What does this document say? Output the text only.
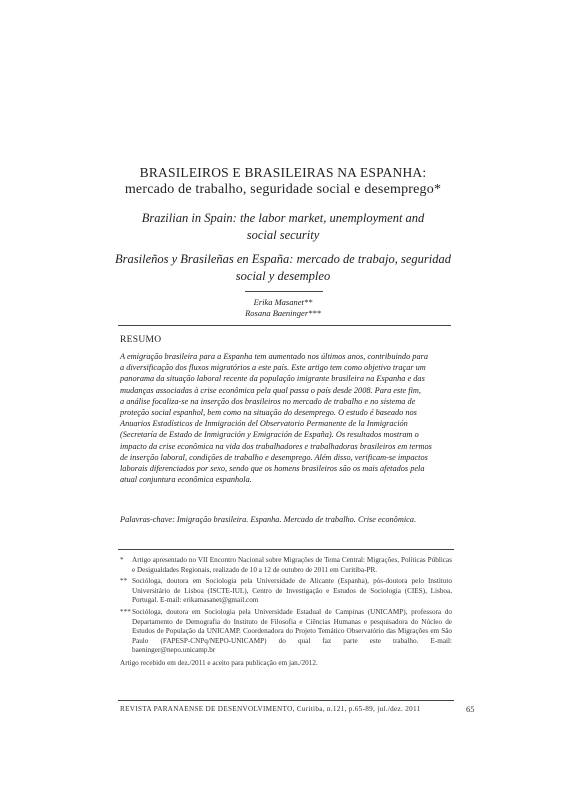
BRASILEIROS E BRASILEIRAS NA ESPANHA:
mercado de trabalho, seguridade social e desemprego*
Brazilian in Spain: the labor market, unemployment and
social security
Brasileños y Brasileñas en España: mercado de trabajo, seguridad
social y desempleo
Erika Masanet**
Rosana Baeninger***
RESUMO
A emigração brasileira para a Espanha tem aumentado nos últimos anos, contribuindo para
a diversificação dos fluxos migratórios a este país. Este artigo tem como objetivo traçar um
panorama da situação laboral recente da população imigrante brasileira na Espanha e das
mudanças associadas à crise econômica pela qual passa o país desde 2008. Para este fim,
a análise focaliza-se na inserção dos brasileiros no mercado de trabalho e no sistema de
proteção social espanhol, bem como na situação do desemprego. O estudo é baseado nos
Anuarios Estadísticos de Inmigración del Observatorio Permanente de la Inmigración
(Secretaría de Estado de Inmigración y Emigración de España). Os resultados mostram o
impacto da crise econômica na vida dos trabalhadores e trabalhadoras brasileiros em termos
de inserção laboral, condições de trabalho e desemprego. Além disso, verificam-se impactos
laborais diferenciados por sexo, sendo que os homens brasileiros são os mais afetados pela
atual conjuntura econômica espanhola.
Palavras-chave: Imigração brasileira. Espanha. Mercado de trabalho. Crise econômica.
*	Artigo apresentado no VII Encontro Nacional sobre Migrações de Tema Central: Migrações, Políticas Públicas e Desigualdades Regionais, realizado de 10 a 12 de outubro de 2011 em Curitiba-PR.
** Socióloga, doutora em Sociologia pela Universidade de Alicante (Espanha), pós-doutora pelo Instituto Universitário de Lisboa (ISCTE-IUL), Centro de Investigação e Estudos de Sociologia (CIES), Lisboa, Portugal. E-mail: erikamasanet@gmail.com
*** Socióloga, doutora em Sociologia pela Universidade Estadual de Campinas (UNICAMP), professora do Departamento de Demografia do Instituto de Filosofia e Ciências Humanas e pesquisadora do Núcleo de Estudos de População da UNICAMP. Coordenadora do Projeto Temático Observatório das Migrações em São Paulo (FAPESP-CNPq/NEPO-UNICAMP) do qual faz parte este trabalho. E-mail: baeninger@nepo.unicamp.br
Artigo recebido em dez./2011 e aceito para publicação em jan./2012.
REVISTA PARANAENSE DE DESENVOLVIMENTO, Curitiba, n.121, p.65-89, jul./dez. 2011	65
